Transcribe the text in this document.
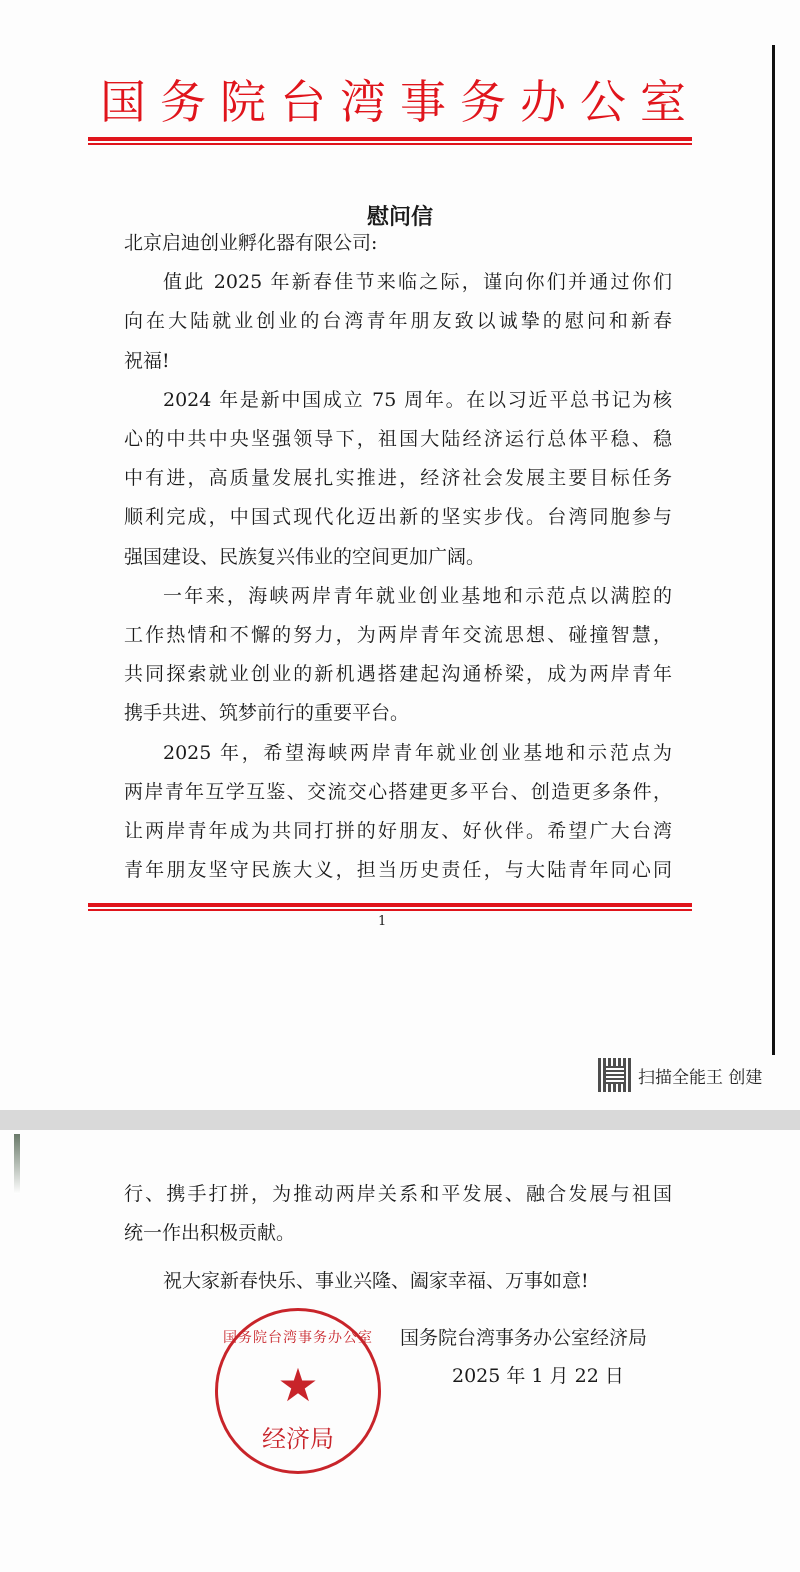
国务院台湾事务办公室
慰问信
北京启迪创业孵化器有限公司:
值此 2025 年新春佳节来临之际，谨向你们并通过你们
向在大陆就业创业的台湾青年朋友致以诚挚的慰问和新春
祝福!
2024 年是新中国成立 75 周年。在以习近平总书记为核
心的中共中央坚强领导下，祖国大陆经济运行总体平稳、稳
中有进，高质量发展扎实推进，经济社会发展主要目标任务
顺利完成，中国式现代化迈出新的坚实步伐。台湾同胞参与
强国建设、民族复兴伟业的空间更加广阔。
一年来，海峡两岸青年就业创业基地和示范点以满腔的
工作热情和不懈的努力，为两岸青年交流思想、碰撞智慧，
共同探索就业创业的新机遇搭建起沟通桥梁，成为两岸青年
携手共进、筑梦前行的重要平台。
2025 年，希望海峡两岸青年就业创业基地和示范点为
两岸青年互学互鉴、交流交心搭建更多平台、创造更多条件，
让两岸青年成为共同打拼的好朋友、好伙伴。希望广大台湾
青年朋友坚守民族大义，担当历史责任，与大陆青年同心同
1
扫描全能王 创建
行、携手打拼，为推动两岸关系和平发展、融合发展与祖国
统一作出积极贡献。
祝大家新春快乐、事业兴隆、阖家幸福、万事如意!
国务院台湾事务办公室
★
经济局
国务院台湾事务办公室经济局
2025 年 1 月 22 日
